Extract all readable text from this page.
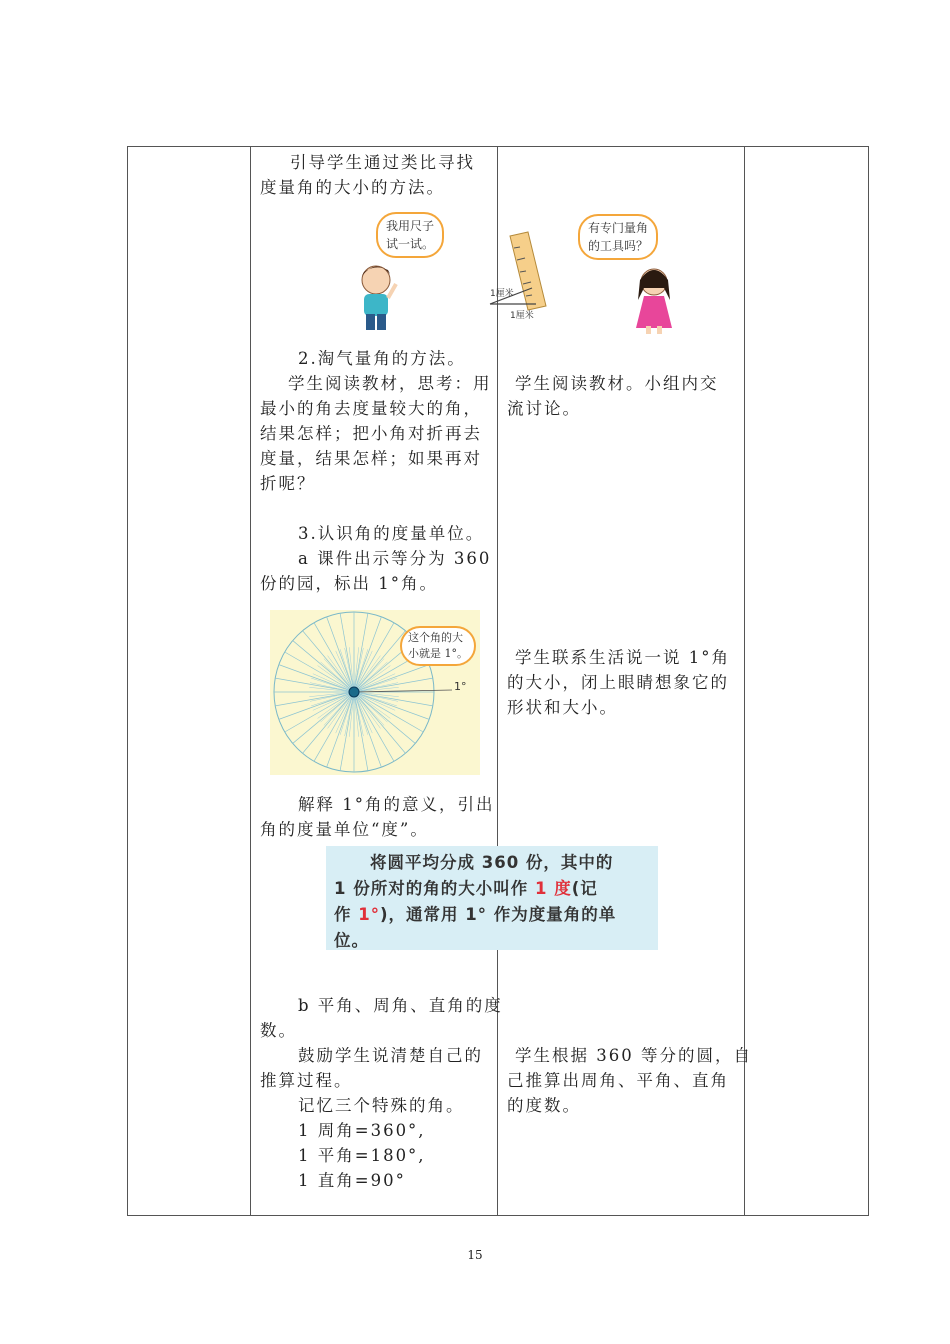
引导学生通过类比寻找
度量角的大小的方法。
我用尺子
试一试。
有专门量角
的工具吗？
1厘米
1厘米
2.淘气量角的方法。
学生阅读教材，思考：用
最小的角去度量较大的角，
结果怎样；把小角对折再去
度量，结果怎样；如果再对
折呢？
3.认识角的度量单位。
a 课件出示等分为 360
份的园，标出 1°角。
这个角的大
小就是 1°。
1°
解释 1°角的意义，引出
角的度量单位“度”。
将圆平均分成 360 份，其中的
1 份所对的角的大小叫作 1 度(记
作 1°)，通常用 1° 作为度量角的单
位。
b 平角、周角、直角的度
数。
鼓励学生说清楚自己的
推算过程。
记忆三个特殊的角。
1 周角=360°,
1 平角=180°,
1 直角=90°
学生阅读教材。小组内交
流讨论。
学生联系生活说一说 1°角
的大小，闭上眼睛想象它的
形状和大小。
学生根据 360 等分的圆，自
己推算出周角、平角、直角
的度数。
15
